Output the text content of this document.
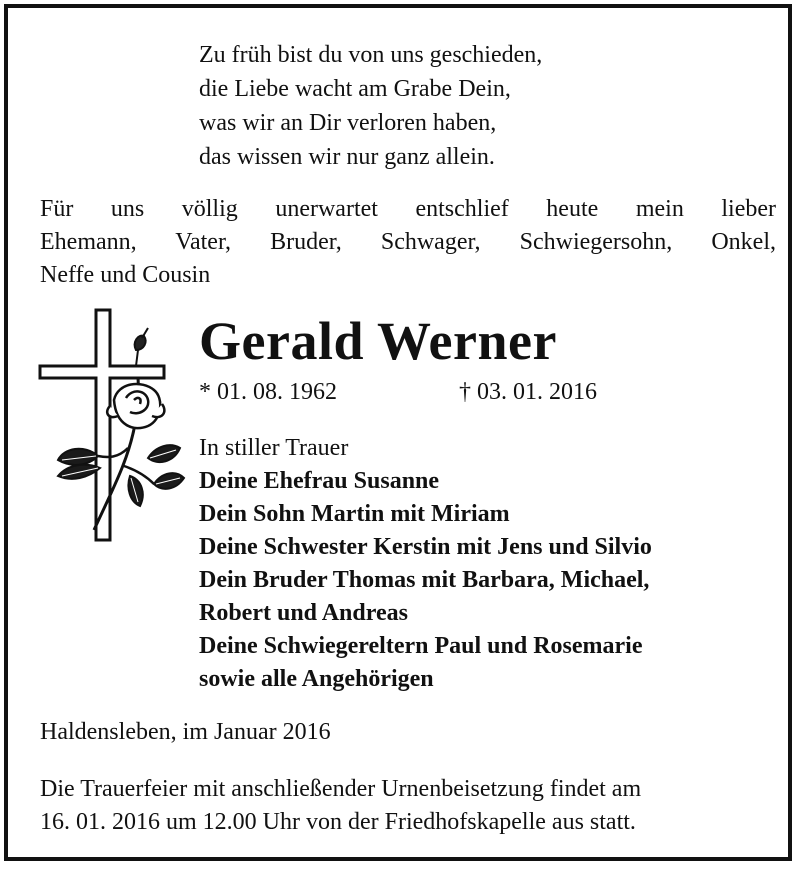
Zu früh bist du von uns geschieden,
die Liebe wacht am Grabe Dein,
was wir an Dir verloren haben,
das wissen wir nur ganz allein.
Für uns völlig unerwartet entschlief heute mein lieber
Ehemann, Vater, Bruder, Schwager, Schwiegersohn, Onkel,
Neffe und Cousin
Gerald Werner
* 01. 08. 1962	† 03. 01. 2016
In stiller Trauer
Deine Ehefrau Susanne
Dein Sohn Martin mit Miriam
Deine Schwester Kerstin mit Jens und Silvio
Dein Bruder Thomas mit Barbara, Michael,
Robert und Andreas
Deine Schwiegereltern Paul und Rosemarie
sowie alle Angehörigen
Haldensleben, im Januar 2016
Die Trauerfeier mit anschließender Urnenbeisetzung findet am
16. 01. 2016 um 12.00 Uhr von der Friedhofskapelle aus statt.
